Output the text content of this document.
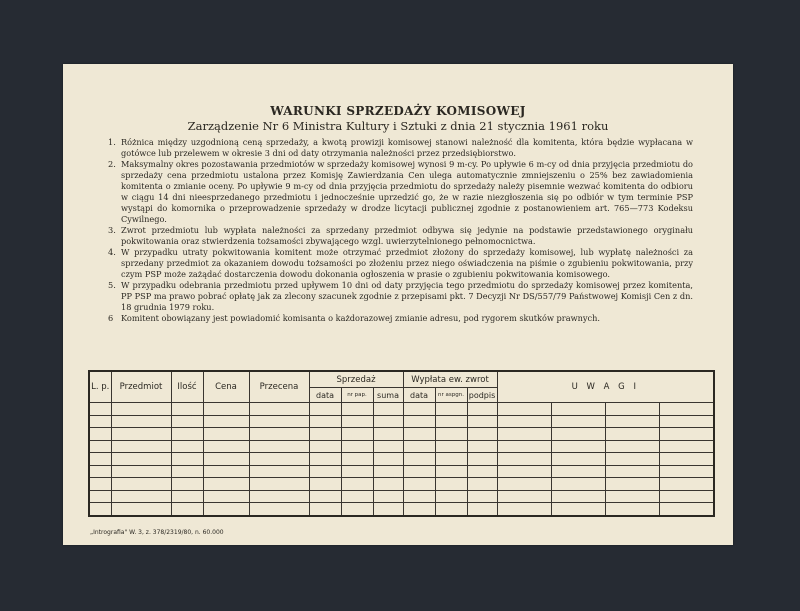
WARUNKI SPRZEDAŻY KOMISOWEJ
Zarządzenie Nr 6 Ministra Kultury i Sztuki z dnia 21 stycznia 1961 roku
1. Różnica między uzgodnioną ceną sprzedaży, a kwotą prowizji komisowej stanowi należność dla komitenta, która będzie wypłacana w gotówce lub przelewem w okresie 3 dni od daty otrzymania należności przez przedsiębiorstwo.
2. Maksymalny okres pozostawania przedmiotów w sprzedaży komisowej wynosi 9 m-cy. Po upływie 6 m-cy od dnia przyjęcia przedmiotu do sprzedaży cena przedmiotu ustalona przez Komisję Zawierdzania Cen ulega automatycznie zmniejszeniu o 25% bez zawiadomienia komitenta o zmianie oceny. Po upływie 9 m-cy od dnia przyjęcia przedmiotu do sprzedaży należy pisemnie wezwać komitenta do odbioru w ciągu 14 dni nieesprzedanego przedmiotu i jednocześnie uprzedzić go, że w razie niezgłoszenia się po odbiór w tym terminie PSP wystąpi do komornika o przeprowadzenie sprzedaży w drodze licytacji publicznej zgodnie z postanowieniem art. 765—773 Kodeksu Cywilnego.
3. Zwrot przedmiotu lub wypłata należności za sprzedany przedmiot odbywa się jedynie na podstawie przedstawionego oryginału pokwitowania oraz stwierdzenia tożsamości zbywającego wzgl. uwierzytelnionego pełnomocnictwa.
4. W przypadku utraty pokwitowania komitent może otrzymać przedmiot złożony do sprzedaży komisowej, lub wypłatę należności za sprzedany przedmiot za okazaniem dowodu tożsamości po złożeniu przez niego oświadczenia na piśmie o zgubieniu pokwitowania, przy czym PSP może zażądać dostarczenia dowodu dokonania ogłoszenia w prasie o zgubieniu pokwitowania komisowego.
5. W przypadku odebrania przedmiotu przed upływem 10 dni od daty przyjęcia tego przedmiotu do sprzedaży komisowej przez komitenta, PP PSP ma prawo pobrać opłatę jak za zlecony szacunek zgodnie z przepisami pkt. 7 Decyzji Nr DS/557/79 Państwowej Komisji Cen z dn. 18 grudnia 1979 roku.
6 Komitent obowiązany jest powiadomić komisanta o każdorazowej zmianie adresu, pod rygorem skutków prawnych.
L. p.	Przedmiot	Ilość	Cena	Przecena	Sprzedaż			Wypłata ew. zwrot			U W A G I			
					data	nr pap.	suma	data	nr aspgn.	podpis				

„Intrografia" W. 3, z. 378/2319/80, n. 60.000
